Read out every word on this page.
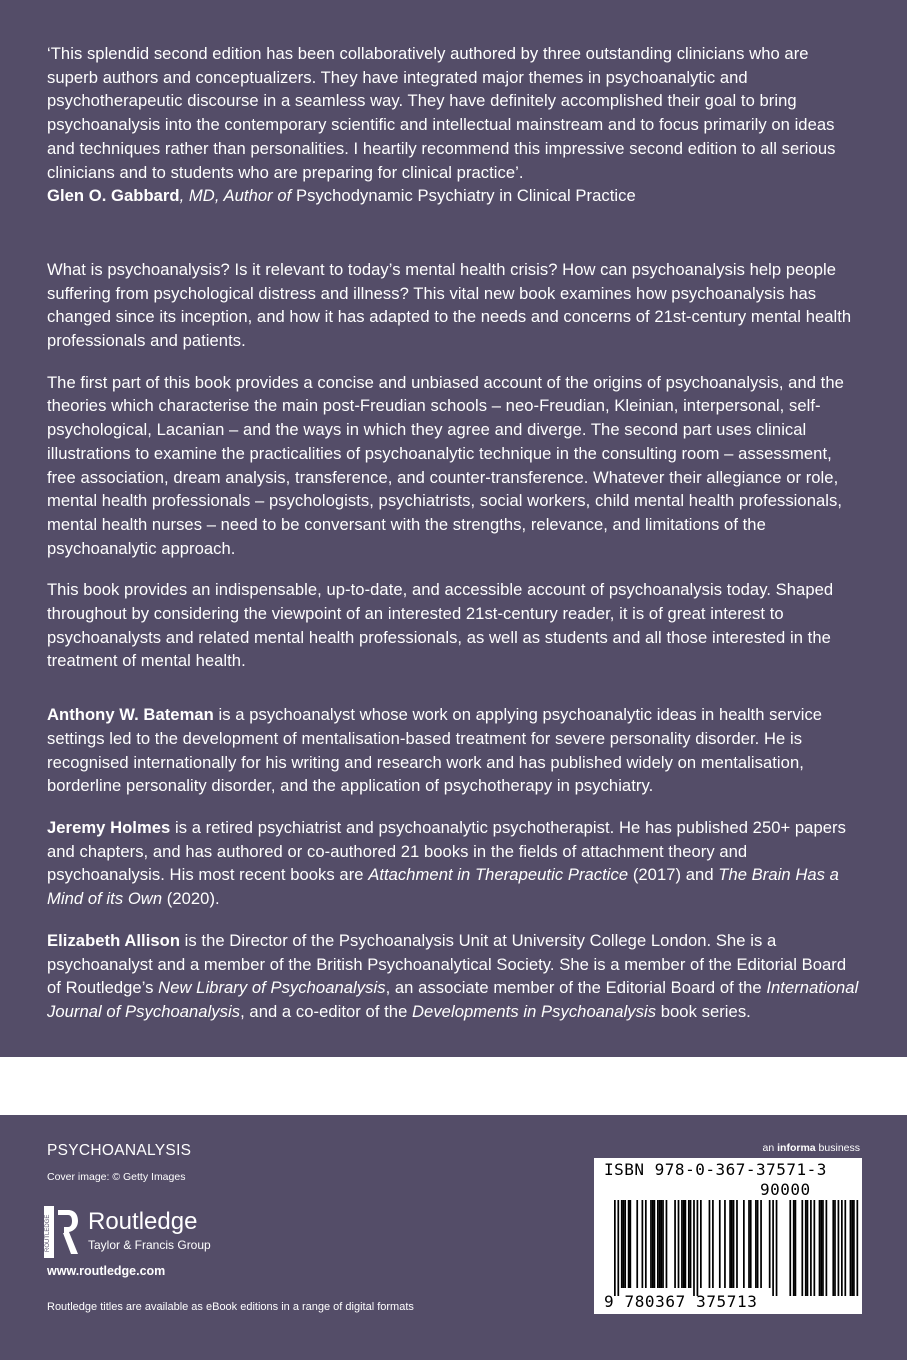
‘This splendid second edition has been collaboratively authored by three outstanding clinicians who are superb authors and conceptualizers. They have integrated major themes in psychoanalytic and psychotherapeutic discourse in a seamless way. They have definitely accomplished their goal to bring psychoanalysis into the contemporary scientific and intellectual mainstream and to focus primarily on ideas and techniques rather than personalities. I heartily recommend this impressive second edition to all serious clinicians and to students who are preparing for clinical practice’.
Glen O. Gabbard, MD, Author of Psychodynamic Psychiatry in Clinical Practice

What is psychoanalysis? Is it relevant to today’s mental health crisis? How can psychoanalysis help people suffering from psychological distress and illness? This vital new book examines how psychoanalysis has changed since its inception, and how it has adapted to the needs and concerns of 21st-century mental health professionals and patients.

The first part of this book provides a concise and unbiased account of the origins of psychoanalysis, and the theories which characterise the main post-Freudian schools – neo-Freudian, Kleinian, interpersonal, self-psychological, Lacanian – and the ways in which they agree and diverge. The second part uses clinical illustrations to examine the practicalities of psychoanalytic technique in the consulting room – assessment, free association, dream analysis, transference, and counter-transference. Whatever their allegiance or role, mental health professionals – psychologists, psychiatrists, social workers, child mental health professionals, mental health nurses – need to be conversant with the strengths, relevance, and limitations of the psychoanalytic approach.

This book provides an indispensable, up-to-date, and accessible account of psychoanalysis today. Shaped throughout by considering the viewpoint of an interested 21st-century reader, it is of great interest to psychoanalysts and related mental health professionals, as well as students and all those interested in the treatment of mental health.

Anthony W. Bateman is a psychoanalyst whose work on applying psychoanalytic ideas in health service settings led to the development of mentalisation-based treatment for severe personality disorder. He is recognised internationally for his writing and research work and has published widely on mentalisation, borderline personality disorder, and the application of psychotherapy in psychiatry.

Jeremy Holmes is a retired psychiatrist and psychoanalytic psychotherapist. He has published 250+ papers and chapters, and has authored or co-authored 21 books in the fields of attachment theory and psychoanalysis. His most recent books are Attachment in Therapeutic Practice (2017) and The Brain Has a Mind of its Own (2020).

Elizabeth Allison is the Director of the Psychoanalysis Unit at University College London. She is a psychoanalyst and a member of the British Psychoanalytical Society. She is a member of the Editorial Board of Routledge’s New Library of Psychoanalysis, an associate member of the Editorial Board of the International Journal of Psychoanalysis, and a co-editor of the Developments in Psychoanalysis book series.

PSYCHOANALYSIS
Cover image: © Getty Images
ROUTLEDGE Routledge
Taylor & Francis Group
www.routledge.com
Routledge titles are available as eBook editions in a range of digital formats
an informa business
ISBN 978-0-367-37571-3
90000
9 780367 375713
